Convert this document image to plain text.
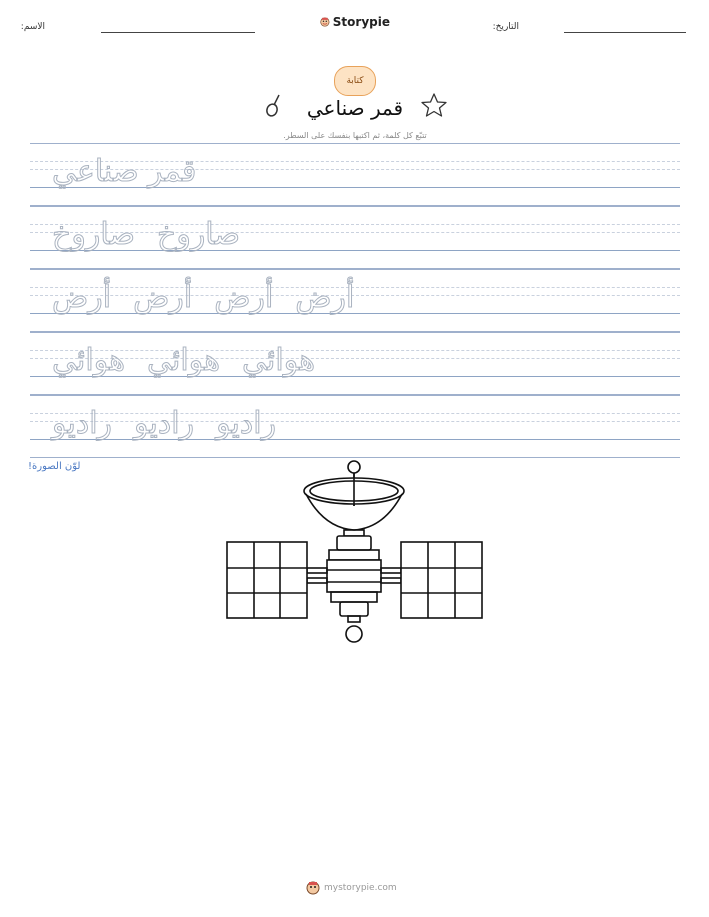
الاسم:	Storypie	التاريخ:
كتابة
قمر صناعي
تتبّع كل كلمة، ثم اكتبها بنفسك على السطر.
قمر صناعي
صاروخصاروخ
أرضأرضأرضأرض
هوائيهوائيهوائي
راديوراديوراديو
لوّن الصورة!
mystorypie.com
